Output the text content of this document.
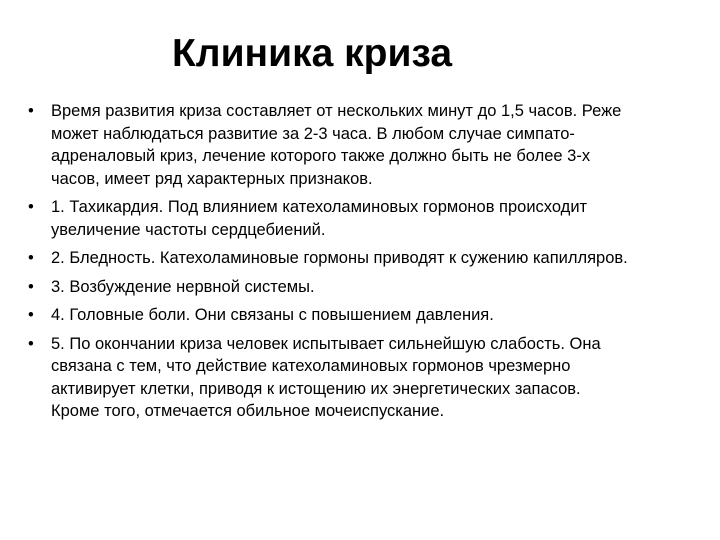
Клиника криза
•	Время развития криза составляет от нескольких минут до 1,5 часов. Реже может наблюдаться развитие за 2-3 часа. В любом случае симпато-адреналовый криз, лечение которого также должно быть не более 3-х часов, имеет ряд характерных признаков.
•	1. Тахикардия. Под влиянием катехоламиновых гормонов происходит увеличение частоты сердцебиений.
•	2. Бледность. Катехоламиновые гормоны приводят к сужению капилляров.
•	3. Возбуждение нервной системы.
•	4. Головные боли. Они связаны с повышением давления.
•	5. По окончании криза человек испытывает сильнейшую слабость. Она связана с тем, что действие катехоламиновых гормонов чрезмерно активирует клетки, приводя к истощению их энергетических запасов. Кроме того, отмечается обильное мочеиспускание.
